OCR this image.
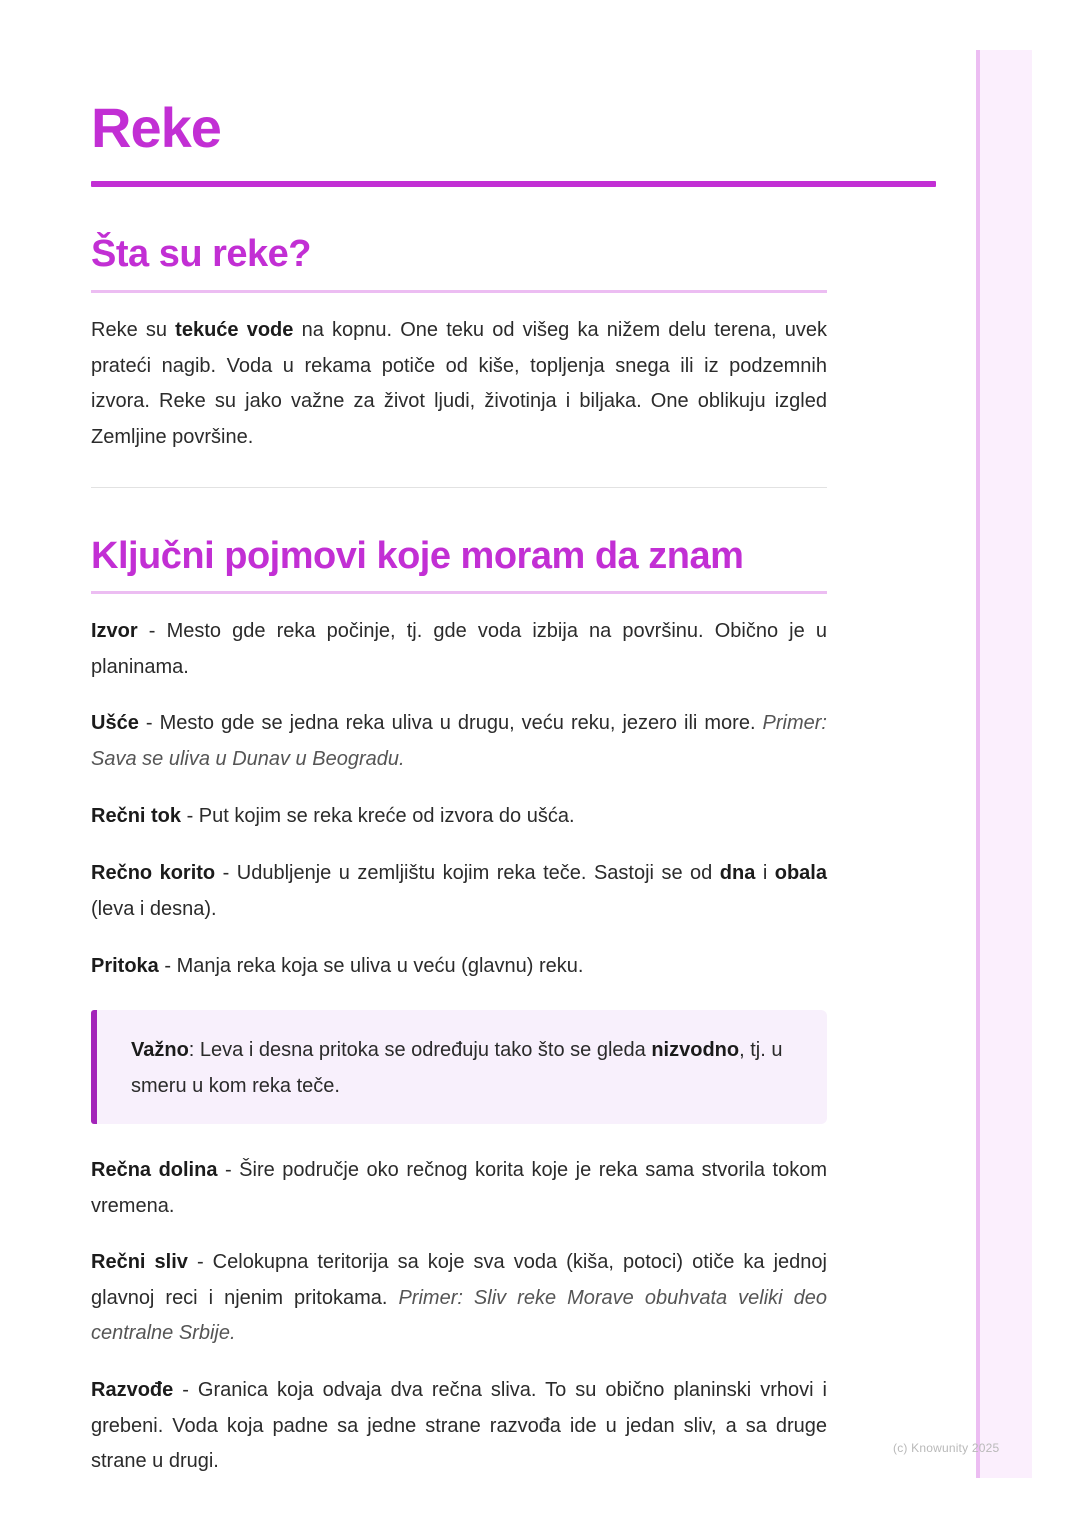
Reke
Šta su reke?

Reke su tekuće vode na kopnu. One teku od višeg ka nižem delu terena, uvek prateći nagib. Voda u rekama potiče od kiše, topljenja snega ili iz podzemnih izvora. Reke su jako važne za život ljudi, životinja i biljaka. One oblikuju izgled Zemljine površine.

Ključni pojmovi koje moram da znam

Izvor - Mesto gde reka počinje, tj. gde voda izbija na površinu. Obično je u planinama.

Ušće - Mesto gde se jedna reka uliva u drugu, veću reku, jezero ili more. Primer: Sava se uliva u Dunav u Beogradu.

Rečni tok - Put kojim se reka kreće od izvora do ušća.

Rečno korito - Udubljenje u zemljištu kojim reka teče. Sastoji se od dna i obala (leva i desna).

Pritoka - Manja reka koja se uliva u veću (glavnu) reku.

Važno: Leva i desna pritoka se određuju tako što se gleda nizvodno, tj. u smeru u kom reka teče.

Rečna dolina - Šire područje oko rečnog korita koje je reka sama stvorila tokom vremena.

Rečni sliv - Celokupna teritorija sa koje sva voda (kiša, potoci) otiče ka jednoj glavnoj reci i njenim pritokama. Primer: Sliv reke Morave obuhvata veliki deo centralne Srbije.

Razvođe - Granica koja odvaja dva rečna sliva. To su obično planinski vrhovi i grebeni. Voda koja padne sa jedne strane razvođa ide u jedan sliv, a sa druge strane u drugi.

(c) Knowunity 2025
